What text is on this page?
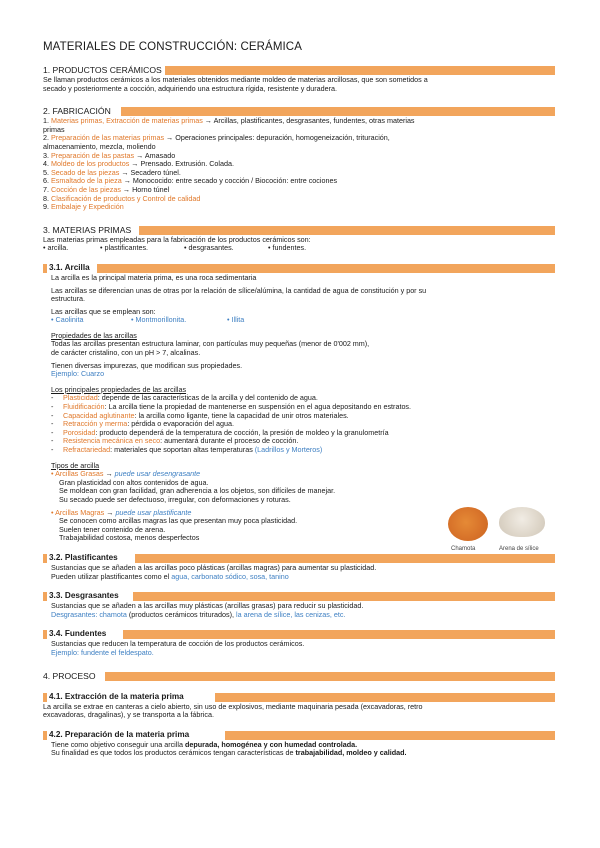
MATERIALES DE CONSTRUCCIÓN: CERÁMICA
1. PRODUCTOS CERÁMICOS

Se llaman productos cerámicos a los materiales obtenidos mediante moldeo de materias arcillosas, que son sometidos a

secado y posteriormente a cocción, adquiriendo una estructura rígida, resistente y duradera.

2. FABRICACIÓN

1. Materias primas, Extracción de materias primas → Arcillas, plastificantes, desgrasantes, fundentes, otras materias

primas

2. Preparación de las materias primas → Operaciones principales: depuración, homogeneización, trituración,

almacenamiento, mezcla, moliendo

3. Preparación de las pastas → Amasado

4. Moldeo de los productos → Prensado. Extrusión. Colada.

5. Secado de las piezas → Secadero túnel.

6. Esmaltado de la pieza → Monococido: entre secado y cocción / Biococión: entre cociones

7. Cocción de las piezas → Horno túnel

8. Clasificación de productos y Control de calidad

9. Embalaje y Expedición

3. MATERIAS PRIMAS

Las materias primas empleadas para la fabricación de los productos cerámicos son:

• arcilla.	• plastificantes.	• desgrasantes.	• fundentes.
3.1. Arcilla

La arcilla es la principal materia prima, es una roca sedimentaria

Las arcillas se diferencian unas de otras por la relación de sílice/alúmina, la cantidad de agua de constitución y por su

estructura.

Las arcillas que se emplean son:

• Caolinita	• Montmorillonita.	• Illita

Propiedades de las arcillas

Todas las arcillas presentan estructura laminar, con partículas muy pequeñas (menor de 0'002 mm),

de carácter cristalino, con un pH > 7, alcalinas.

Tienen diversas impurezas, que modifican sus propiedades.

Ejemplo: Cuarzo

Los principales propiedades de las arcillas

- Plasticidad: depende de las características de la arcilla y del contenido de agua.

- Fluidificación: La arcilla tiene la propiedad de mantenerse en suspensión en el agua depositando en estratos.

- Capacidad aglutinante: la arcilla como ligante, tiene la capacidad de unir otros materiales.

- Retracción y merma: pérdida o evaporación del agua.

- Porosidad: producto dependerá de la temperatura de cocción, la presión de moldeo y la granulometría

- Resistencia mecánica en seco: aumentará durante el proceso de cocción.

- Refractariedad: materiales que soportan altas temperaturas (Ladrillos y Morteros)

Tipos de arcilla

• Arcillas Grasas → puede usar desengrasante

Gran plasticidad con altos contenidos de agua.

Se moldean con gran facilidad, gran adherencia a los objetos, son difíciles de manejar.

Su secado puede ser defectuoso, irregular, con deformaciones y roturas.

• Arcillas Magras → puede usar plastificante

Se conocen como arcillas magras las que presentan muy poca plasticidad.

Suelen tener contenido de arena.

Trabajabilidad costosa, menos desperfectos

Chamota	Arena de sílice
3.2. Plastificantes

Sustancias que se añaden a las arcillas poco plásticas (arcillas magras) para aumentar su plasticidad.

Pueden utilizar plastificantes como el agua, carbonato sódico, sosa, tanino

3.3. Desgrasantes

Sustancias que se añaden a las arcillas muy plásticas (arcillas grasas) para reducir su plasticidad.

Desgrasantes: chamota (productos cerámicos triturados), la arena de sílice, las cenizas, etc.

3.4. Fundentes

Sustancias que reducen la temperatura de cocción de los productos cerámicos.

Ejemplo: fundente el feldespato.

4. PROCESO
4.1. Extracción de la materia prima

La arcilla se extrae en canteras a cielo abierto, sin uso de explosivos, mediante maquinaria pesada (excavadoras, retro

excavadoras, dragalinas), y se transporta a la fábrica.

4.2. Preparación de la materia prima

Tiene como objetivo conseguir una arcilla depurada, homogénea y con humedad controlada.

Su finalidad es que todos los productos cerámicos tengan características de trabajabilidad, moldeo y calidad.
